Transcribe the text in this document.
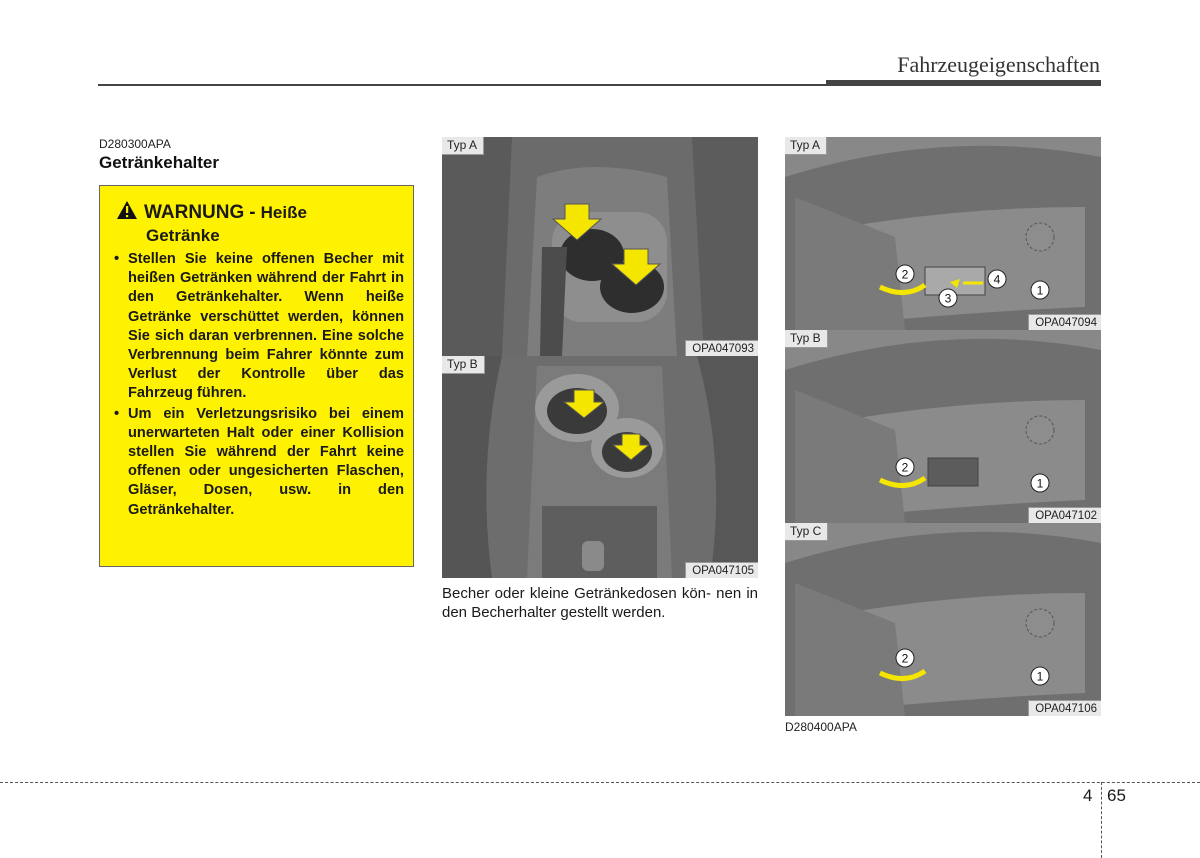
Fahrzeugeigenschaften
D280300APA
Getränkehalter
WARNUNG - Heiße
Getränke
• Stellen Sie keine offenen Becher mit heißen Getränken während der Fahrt in den Getränkehalter. Wenn heiße Getränke verschüttet werden, können Sie sich daran verbrennen. Eine solche Verbrennung beim Fahrer könnte zum Verlust der Kontrolle über das Fahrzeug führen.
• Um ein Verletzungsrisiko bei einem unerwarteten Halt oder einer Kollision stellen Sie während der Fahrt keine offenen oder ungesicherten Flaschen, Gläser, Dosen, usw. in den Getränkehalter.
Typ A
OPA047093
Typ B
OPA047105
Becher oder kleine Getränkedosen kön- nen in den Becherhalter gestellt werden.
2
3
4
1
Typ A
OPA047094
2
1
Typ B
OPA047102
2
1
Typ C
OPA047106
D280400APA
4 65
